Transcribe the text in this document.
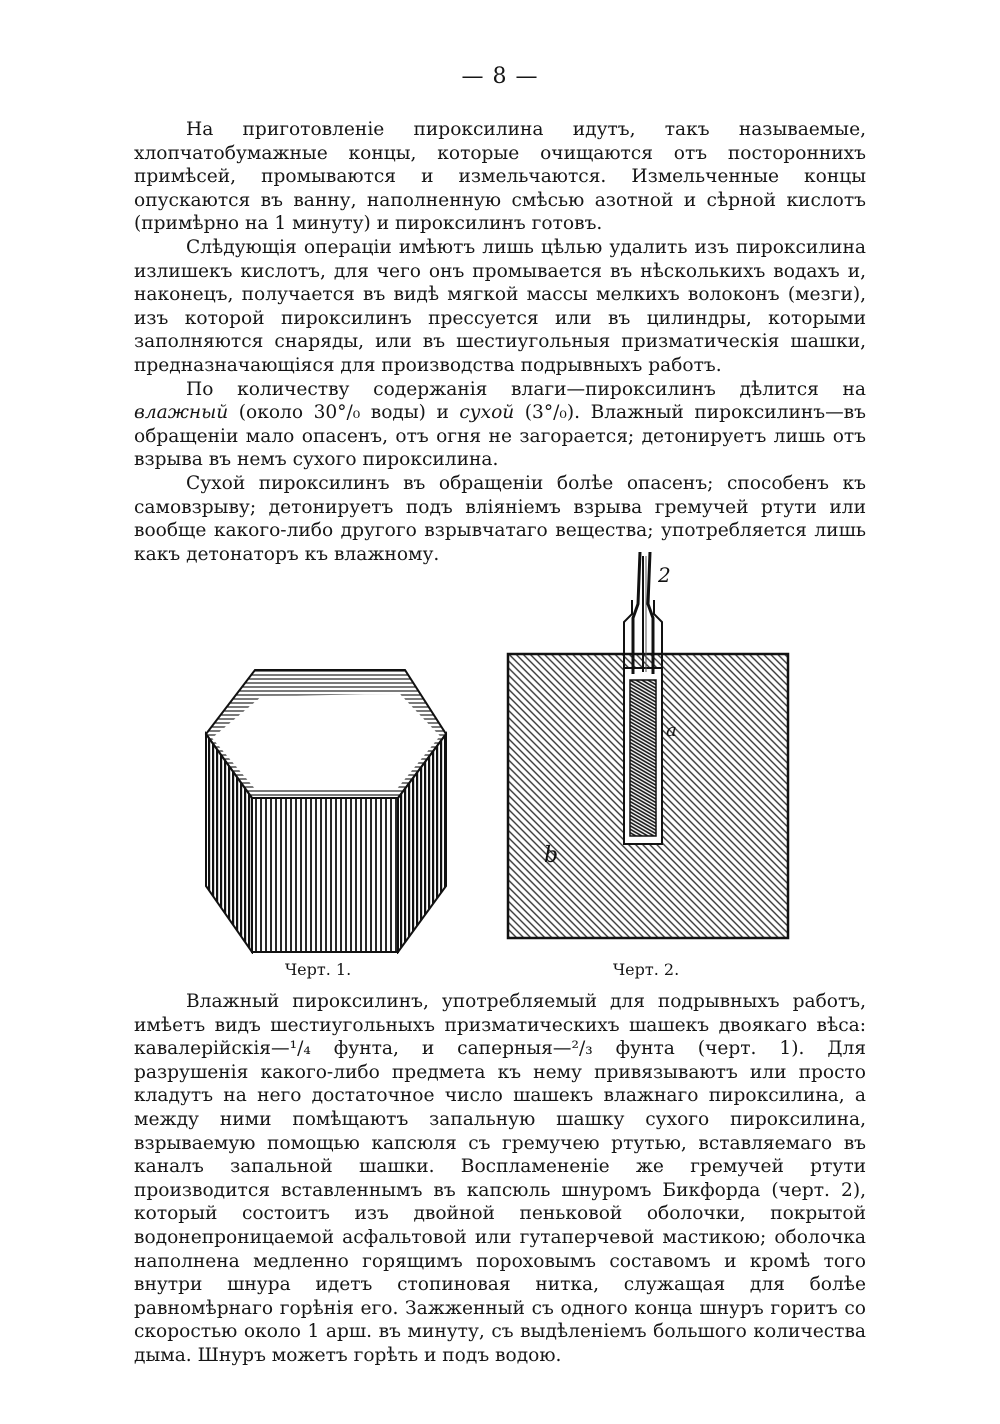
— 8 —

На приготовленіе пироксилина идутъ, такъ называемые, хлопчатобумажные концы, которые очищаются отъ постороннихъ примѣсей, промываются и измельчаются. Измельченные концы опускаются въ ванну, наполненную смѣсью азотной и сѣрной кислотъ (примѣрно на 1 минуту) и пироксилинъ готовъ.

Слѣдующія операціи имѣютъ лишь цѣлью удалить изъ пироксилина излишекъ кислотъ, для чего онъ промывается въ нѣсколькихъ водахъ и, наконецъ, получается въ видѣ мягкой массы мелкихъ волоконъ (мезги), изъ которой пироксилинъ прессуется или въ цилиндры, которыми заполняются снаряды, или въ шестиугольныя призматическія шашки, предназначающіяся для производства подрывныхъ работъ.

По количеству содержанія влаги—пироксилинъ дѣлится на влажный (около 30°/₀ воды) и сухой (3°/₀). Влажный пироксилинъ—въ обращеніи мало опасенъ, отъ огня не загорается; детонируетъ лишь отъ взрыва въ немъ сухого пироксилина.

Сухой пироксилинъ въ обращеніи болѣе опасенъ; способенъ къ самовзрыву; детонируетъ подъ вліяніемъ взрыва гремучей ртути или вообще какого-либо другого взрывчатаго вещества; употребляется лишь какъ детонаторъ къ влажному.

Черт. 1.
2
a
b
Черт. 2.

Влажный пироксилинъ, употребляемый для подрывныхъ работъ, имѣетъ видъ шестиугольныхъ призматическихъ шашекъ двоякаго вѣса: кавалерійскія—¹/₄ фунта, и саперныя—²/₃ фунта (черт. 1). Для разрушенія какого-либо предмета къ нему привязываютъ или просто кладутъ на него достаточное число шашекъ влажнаго пироксилина, а между ними помѣщаютъ запальную шашку сухого пироксилина, взрываемую помощью капсюля съ гремучею ртутью, вставляемаго въ каналъ запальной шашки. Воспламененіе же гремучей ртути производится вставленнымъ въ капсюль шнуромъ Бикфорда (черт. 2), который состоитъ изъ двойной пеньковой оболочки, покрытой водонепроницаемой асфальтовой или гутаперчевой мастикою; оболочка наполнена медленно горящимъ пороховымъ составомъ и кромѣ того внутри шнура идетъ стопиновая нитка, служащая для болѣе равномѣрнаго горѣнія его. Зажженный съ одного конца шнуръ горитъ со скоростью около 1 арш. въ минуту, съ выдѣленіемъ большого количества дыма. Шнуръ можетъ горѣть и подъ водою.
